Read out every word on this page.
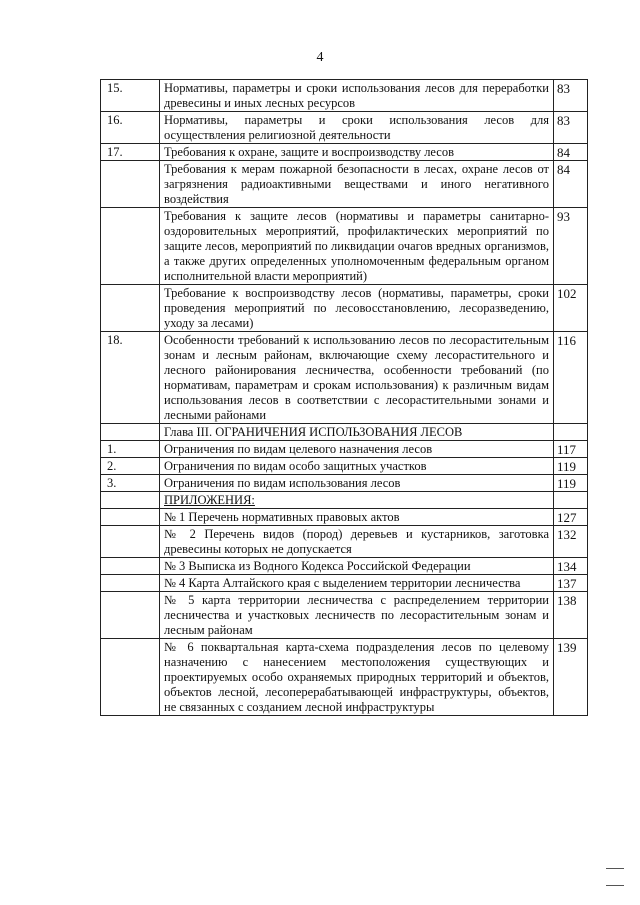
4
15.	Нормативы, параметры и сроки использования лесов для переработки древесины и иных лесных ресурсов	83
16.	Нормативы, параметры и сроки использования лесов для осуществления религиозной деятельности	83
17.	Требования к охране, защите и воспроизводству лесов	84
	Требования к мерам пожарной безопасности в лесах, охране лесов от загрязнения радиоактивными веществами и иного негативного воздействия	84
	Требования к защите лесов (нормативы и параметры санитарно-оздоровительных мероприятий, профилактических мероприятий по защите лесов, мероприятий по ликвидации очагов вредных организмов, а также других определенных уполномоченным федеральным органом исполнительной власти мероприятий)	93
	Требование к воспроизводству лесов (нормативы, параметры, сроки проведения мероприятий по лесовосстановлению, лесоразведению, уходу за лесами)	102
18.	Особенности требований к использованию лесов по лесорастительным зонам и лесным районам, включающие схему лесорастительного и лесного районирования лесничества, особенности требований (по нормативам, параметрам и срокам использования) к различным видам использования лесов в соответствии с лесорастительными зонами и лесными районами	116
	Глава III. ОГРАНИЧЕНИЯ ИСПОЛЬЗОВАНИЯ ЛЕСОВ	
1.	Ограничения по видам целевого назначения лесов	117
2.	Ограничения по видам особо защитных участков	119
3.	Ограничения по видам использования лесов	119
	ПРИЛОЖЕНИЯ:	
	№ 1 Перечень нормативных правовых актов	127
	№ 2 Перечень видов (пород) деревьев и кустарников, заготовка древесины которых не допускается	132
	№ 3 Выписка из Водного Кодекса Российской Федерации	134
	№ 4 Карта Алтайского края с выделением территории лесничества	137
	№ 5 карта территории лесничества с распределением территории лесничества и участковых лесничеств по лесорастительным зонам и лесным районам	138
	№ 6 поквартальная карта-схема подразделения лесов по целевому назначению с нанесением местоположения существующих и проектируемых особо охраняемых природных территорий и объектов, объектов лесной, лесоперерабатывающей инфраструктуры, объектов, не связанных с созданием лесной инфраструктуры	139
